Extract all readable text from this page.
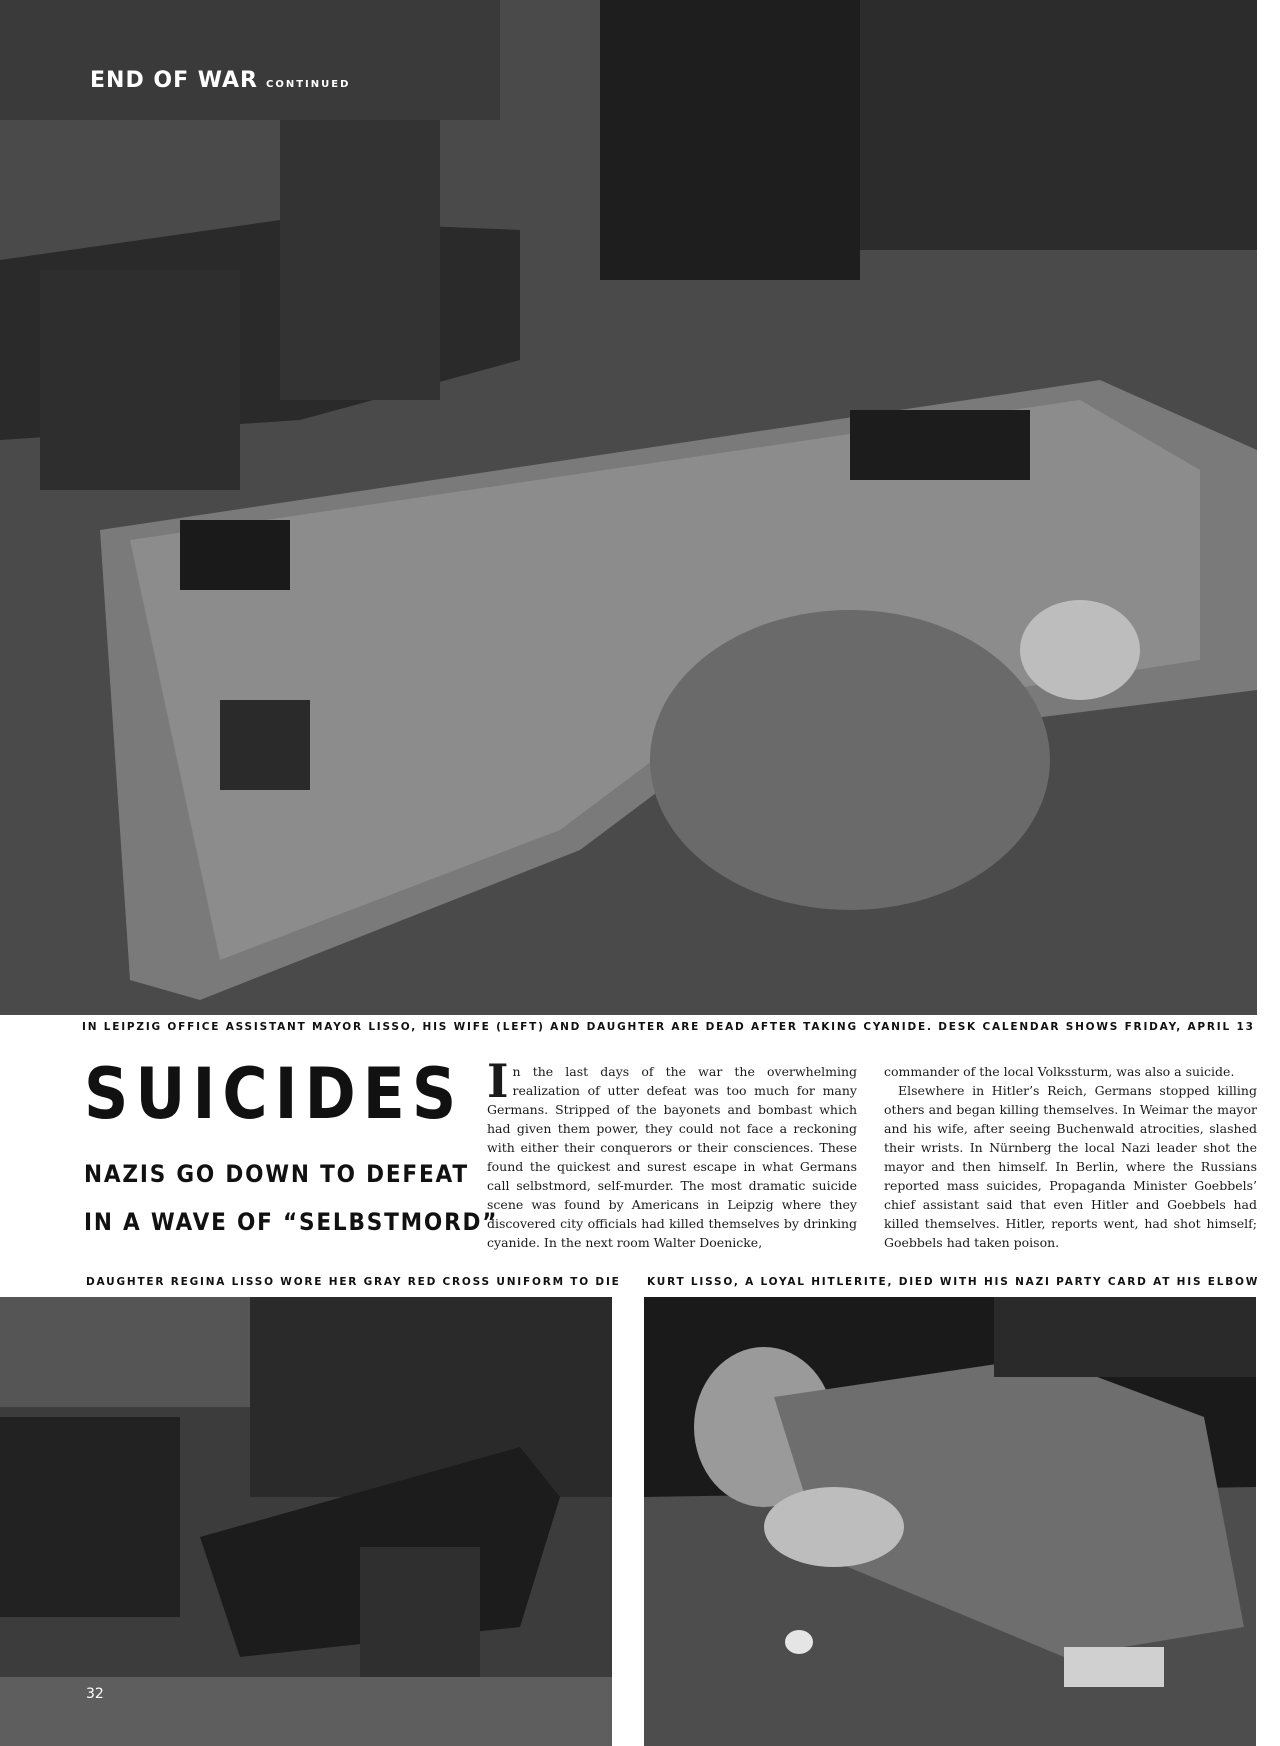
END OF WAR CONTINUED
IN LEIPZIG OFFICE ASSISTANT MAYOR LISSO, HIS WIFE (LEFT) AND DAUGHTER ARE DEAD AFTER TAKING CYANIDE. DESK CALENDAR SHOWS FRIDAY, APRIL 13
SUICIDES
NAZIS GO DOWN TO DEFEAT
IN A WAVE OF “SELBSTMORD”
In the last days of the war the overwhelming realization of utter defeat was too much for many Germans. Stripped of the bayonets and bombast which had given them power, they could not face a reckoning with either their conquerors or their consciences. These found the quickest and surest escape in what Germans call selbstmord, self-murder. The most dramatic suicide scene was found by Americans in Leipzig where they discovered city officials had killed themselves by drinking cyanide. In the next room Walter Doenicke,
commander of the local Volkssturm, was also a suicide.
Elsewhere in Hitler’s Reich, Germans stopped killing others and began killing themselves. In Weimar the mayor and his wife, after seeing Buchenwald atrocities, slashed their wrists. In Nürnberg the local Nazi leader shot the mayor and then himself. In Berlin, where the Russians reported mass suicides, Propaganda Minister Goebbels’ chief assistant said that even Hitler and Goebbels had killed themselves. Hitler, reports went, had shot himself; Goebbels had taken poison.
DAUGHTER REGINA LISSO WORE HER GRAY RED CROSS UNIFORM TO DIE	KURT LISSO, A LOYAL HITLERITE, DIED WITH HIS NAZI PARTY CARD AT HIS ELBOW
32
